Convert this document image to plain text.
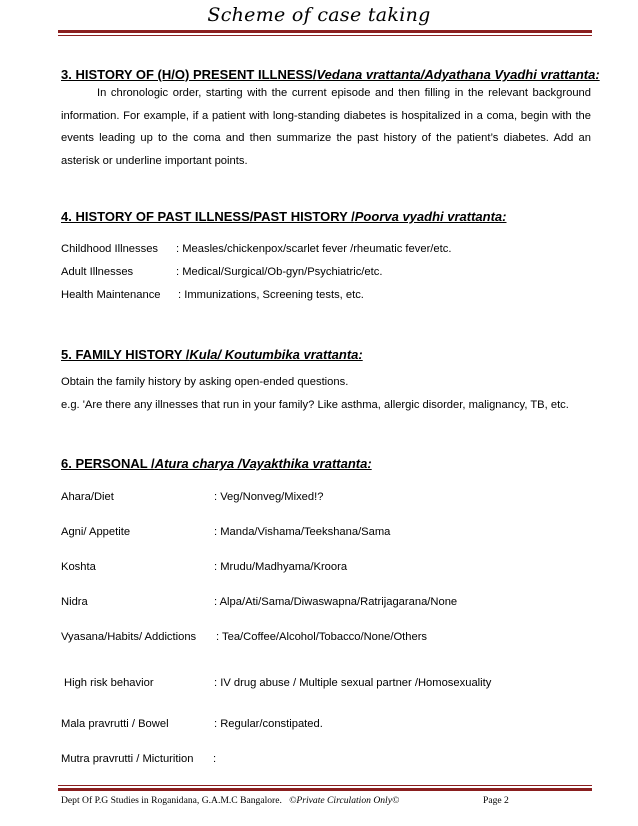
Scheme of case taking
3. HISTORY OF (H/O) PRESENT ILLNESS/Vedana vrattanta/Adyathana Vyadhi vrattanta:
In chronologic order, starting with the current episode and then filling in the relevant background information. For example, if a patient with long-standing diabetes is hospitalized in a coma, begin with the events leading up to the coma and then summarize the past history of the patient’s diabetes. Add an asterisk or underline important points.
4. HISTORY OF PAST ILLNESS/PAST HISTORY /Poorva vyadhi vrattanta:
Childhood Illnesses : Measles/chickenpox/scarlet fever /rheumatic fever/etc.
Adult Illnesses	: Medical/Surgical/Ob-gyn/Psychiatric/etc.
Health Maintenance : Immunizations, Screening tests, etc.
5. FAMILY HISTORY /Kula/ Koutumbika vrattanta:
Obtain the family history by asking open-ended questions.
e.g. 'Are there any illnesses that run in your family? Like asthma, allergic disorder, malignancy, TB, etc.
6. PERSONAL /Atura charya /Vayakthika vrattanta:
Ahara/Diet	: Veg/Nonveg/Mixed!?
Agni/ Appetite	: Manda/Vishama/Teekshana/Sama
Koshta	: Mrudu/Madhyama/Kroora
Nidra	: Alpa/Ati/Sama/Diwaswapna/Ratrijagarana/None
Vyasana/Habits/ Addictions : Tea/Coffee/Alcohol/Tobacco/None/Others
High risk behavior	: IV drug abuse / Multiple sexual partner /Homosexuality
Mala pravrutti / Bowel	: Regular/constipated.
Mutra pravrutti / Micturition :
Dept Of P.G Studies in Roganidana, G.A.M.C Bangalore. ©Private Circulation Only©	Page 2
